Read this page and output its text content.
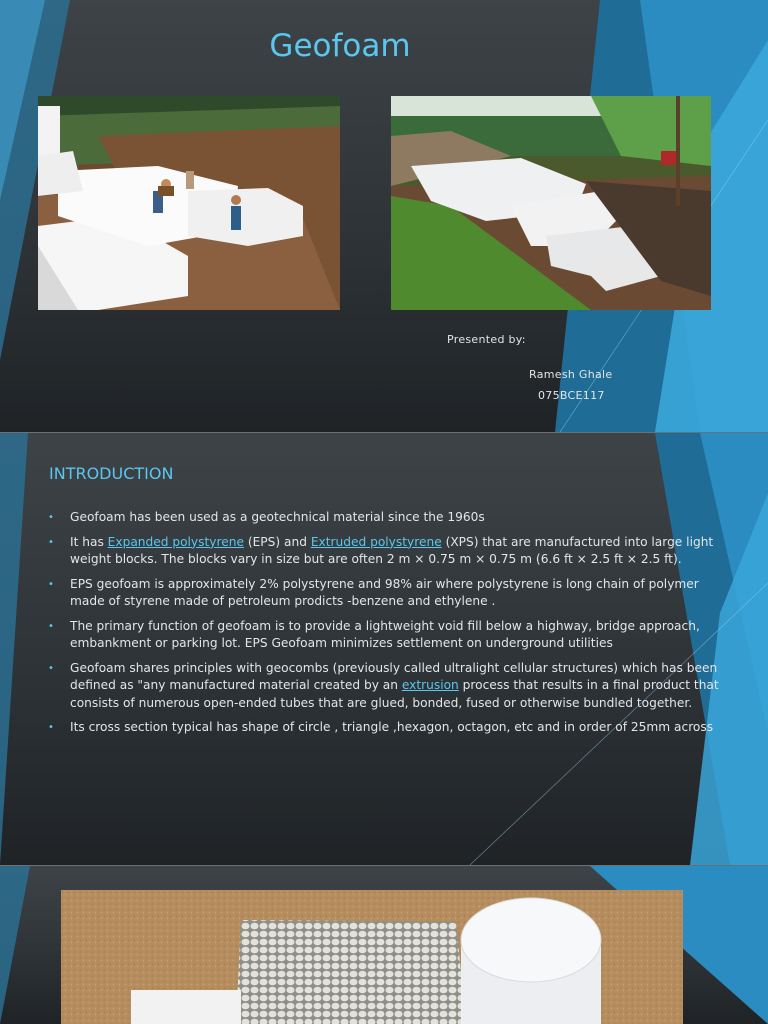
Geofoam
Presented by:
Ramesh Ghale
075BCE117
INTRODUCTION
• Geofoam has been used as a geotechnical material since the 1960s
• It has Expanded polystyrene (EPS) and Extruded polystyrene (XPS) that are manufactured into large light weight blocks. The blocks vary in size but are often 2 m × 0.75 m × 0.75 m (6.6 ft × 2.5 ft × 2.5 ft).
• EPS geofoam is approximately 2% polystyrene and 98% air where polystyrene is long chain of polymer made of styrene made of petroleum prodicts -benzene and ethylene .
• The primary function of geofoam is to provide a lightweight void fill below a highway, bridge approach, embankment or parking lot. EPS Geofoam minimizes settlement on underground utilities
• Geofoam shares principles with geocombs (previously called ultralight cellular structures) which has been defined as "any manufactured material created by an extrusion process that results in a final product that consists of numerous open-ended tubes that are glued, bonded, fused or otherwise bundled together.
• Its cross section typical has shape of circle , triangle ,hexagon, octagon, etc and in order of 25mm across
